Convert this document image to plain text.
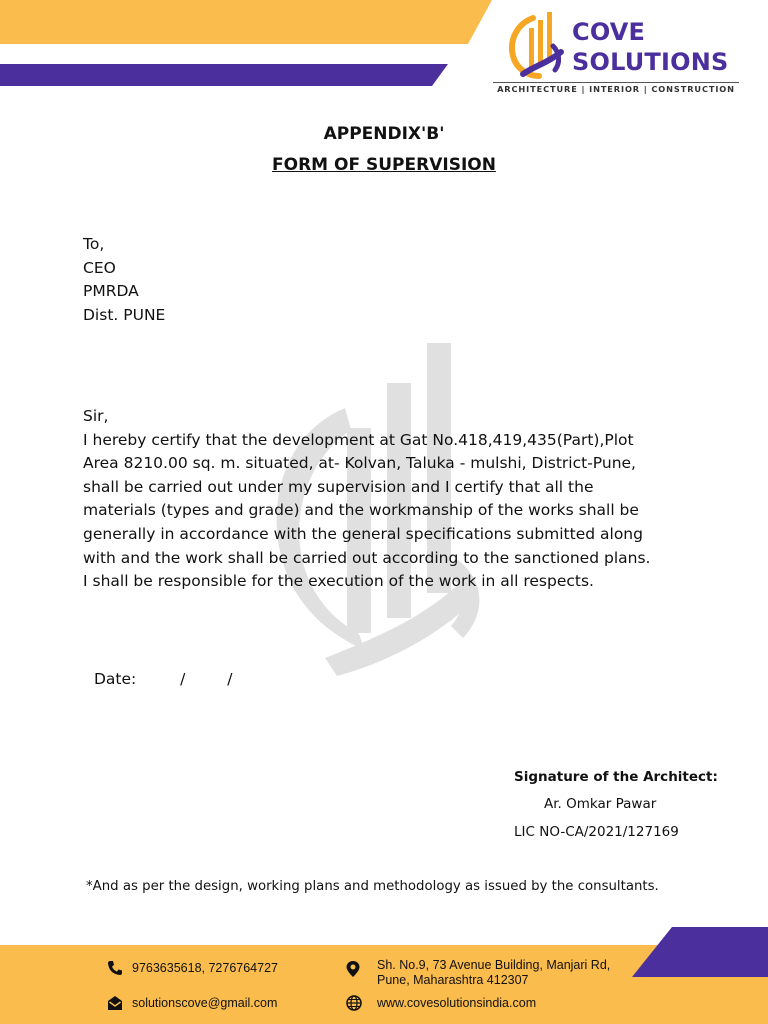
COVE
SOLUTIONS
ARCHITECTURE | INTERIOR | CONSTRUCTION
APPENDIX'B'
FORM OF SUPERVISION
To,
CEO
PMRDA
Dist. PUNE
Sir,
I hereby certify that the development at Gat No.418,419,435(Part),Plot
Area 8210.00 sq. m. situated, at- Kolvan, Taluka - mulshi, District-Pune,
shall be carried out under my supervision and I certify that all the
materials (types and grade) and the workmanship of the works shall be
generally in accordance with the general specifications submitted along
with and the work shall be carried out according to the sanctioned plans.
I shall be responsible for the execution of the work in all respects.
Date:	/	/
Signature of the Architect:
Ar. Omkar Pawar
LIC NO-CA/2021/127169
*And as per the design, working plans and methodology as issued by the consultants.
9763635618, 7276764727
solutionscove@gmail.com
Sh. No.9, 73 Avenue Building, Manjari Rd,
Pune, Maharashtra 412307
www.covesolutionsindia.com
